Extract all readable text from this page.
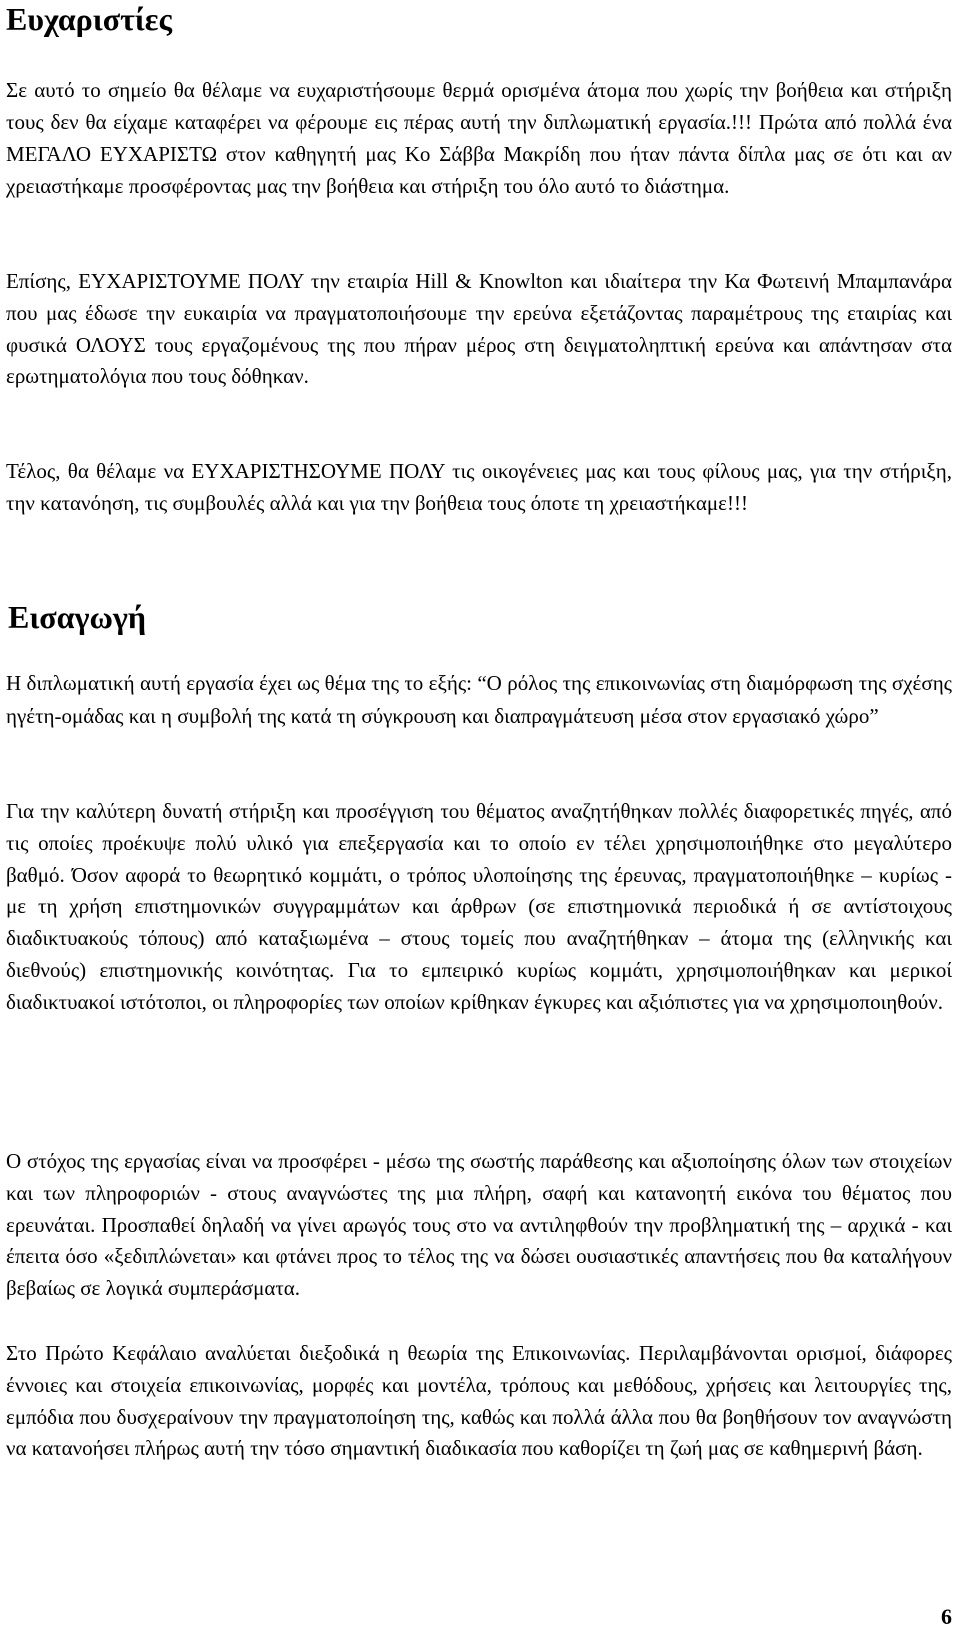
Ευχαριστίες

Σε αυτό το σημείο θα θέλαμε να ευχαριστήσουμε θερμά ορισμένα άτομα που χωρίς την βοήθεια και στήριξη τους δεν θα είχαμε καταφέρει να φέρουμε εις πέρας αυτή την διπλωματική εργασία.!!! Πρώτα από πολλά ένα ΜΕΓΑΛΟ ΕΥΧΑΡΙΣΤΩ στον καθηγητή μας Κο Σάββα Μακρίδη που ήταν πάντα δίπλα μας σε ότι και αν χρειαστήκαμε προσφέροντας μας την βοήθεια και στήριξη του όλο αυτό το διάστημα.

Επίσης, ΕΥΧΑΡΙΣΤΟΥΜΕ ΠΟΛΥ την εταιρία Hill & Knowlton και ιδιαίτερα την Κα Φωτεινή Μπαμπανάρα που μας έδωσε την ευκαιρία να πραγματοποιήσουμε την ερεύνα εξετάζοντας παραμέτρους της εταιρίας και φυσικά ΟΛΟΥΣ τους εργαζομένους της που πήραν μέρος στη δειγματοληπτική ερεύνα και απάντησαν στα ερωτηματολόγια που τους δόθηκαν.

Τέλος, θα θέλαμε να ΕΥΧΑΡΙΣΤΗΣΟΥΜΕ ΠΟΛΥ τις οικογένειες μας και τους φίλους μας, για την στήριξη, την κατανόηση, τις συμβουλές αλλά και για την βοήθεια τους όποτε τη χρειαστήκαμε!!!

Εισαγωγή

Η διπλωματική αυτή εργασία έχει ως θέμα της το εξής: “Ο ρόλος της επικοινωνίας στη διαμόρφωση της σχέσης ηγέτη-ομάδας και η συμβολή της κατά τη σύγκρουση και διαπραγμάτευση μέσα στον εργασιακό χώρο”

Για την καλύτερη δυνατή στήριξη και προσέγγιση του θέματος αναζητήθηκαν πολλές διαφορετικές πηγές, από τις οποίες προέκυψε πολύ υλικό για επεξεργασία και το οποίο εν τέλει χρησιμοποιήθηκε στο μεγαλύτερο βαθμό. Όσον αφορά το θεωρητικό κομμάτι, ο τρόπος υλοποίησης της έρευνας, πραγματοποιήθηκε – κυρίως - με τη χρήση επιστημονικών συγγραμμάτων και άρθρων (σε επιστημονικά περιοδικά ή σε αντίστοιχους διαδικτυακούς τόπους) από καταξιωμένα – στους τομείς που αναζητήθηκαν – άτομα της (ελληνικής και διεθνούς) επιστημονικής κοινότητας. Για το εμπειρικό κυρίως κομμάτι, χρησιμοποιήθηκαν και μερικοί διαδικτυακοί ιστότοποι, οι πληροφορίες των οποίων κρίθηκαν έγκυρες και αξιόπιστες για να χρησιμοποιηθούν.

Ο στόχος της εργασίας είναι να προσφέρει - μέσω της σωστής παράθεσης και αξιοποίησης όλων των στοιχείων και των πληροφοριών - στους αναγνώστες της μια πλήρη, σαφή και κατανοητή εικόνα του θέματος που ερευνάται. Προσπαθεί δηλαδή να γίνει αρωγός τους στο να αντιληφθούν την προβληματική της – αρχικά - και έπειτα όσο «ξεδιπλώνεται» και φτάνει προς το τέλος της να δώσει ουσιαστικές απαντήσεις που θα καταλήγουν βεβαίως σε λογικά συμπεράσματα.

Στο Πρώτο Κεφάλαιο αναλύεται διεξοδικά η θεωρία της Επικοινωνίας. Περιλαμβάνονται ορισμοί, διάφορες έννοιες και στοιχεία επικοινωνίας, μορφές και μοντέλα, τρόπους και μεθόδους, χρήσεις και λειτουργίες της, εμπόδια που δυσχεραίνουν την πραγματοποίηση της, καθώς και πολλά άλλα που θα βοηθήσουν τον αναγνώστη να κατανοήσει πλήρως αυτή την τόσο σημαντική διαδικασία που καθορίζει τη ζωή μας σε καθημερινή βάση.

6
